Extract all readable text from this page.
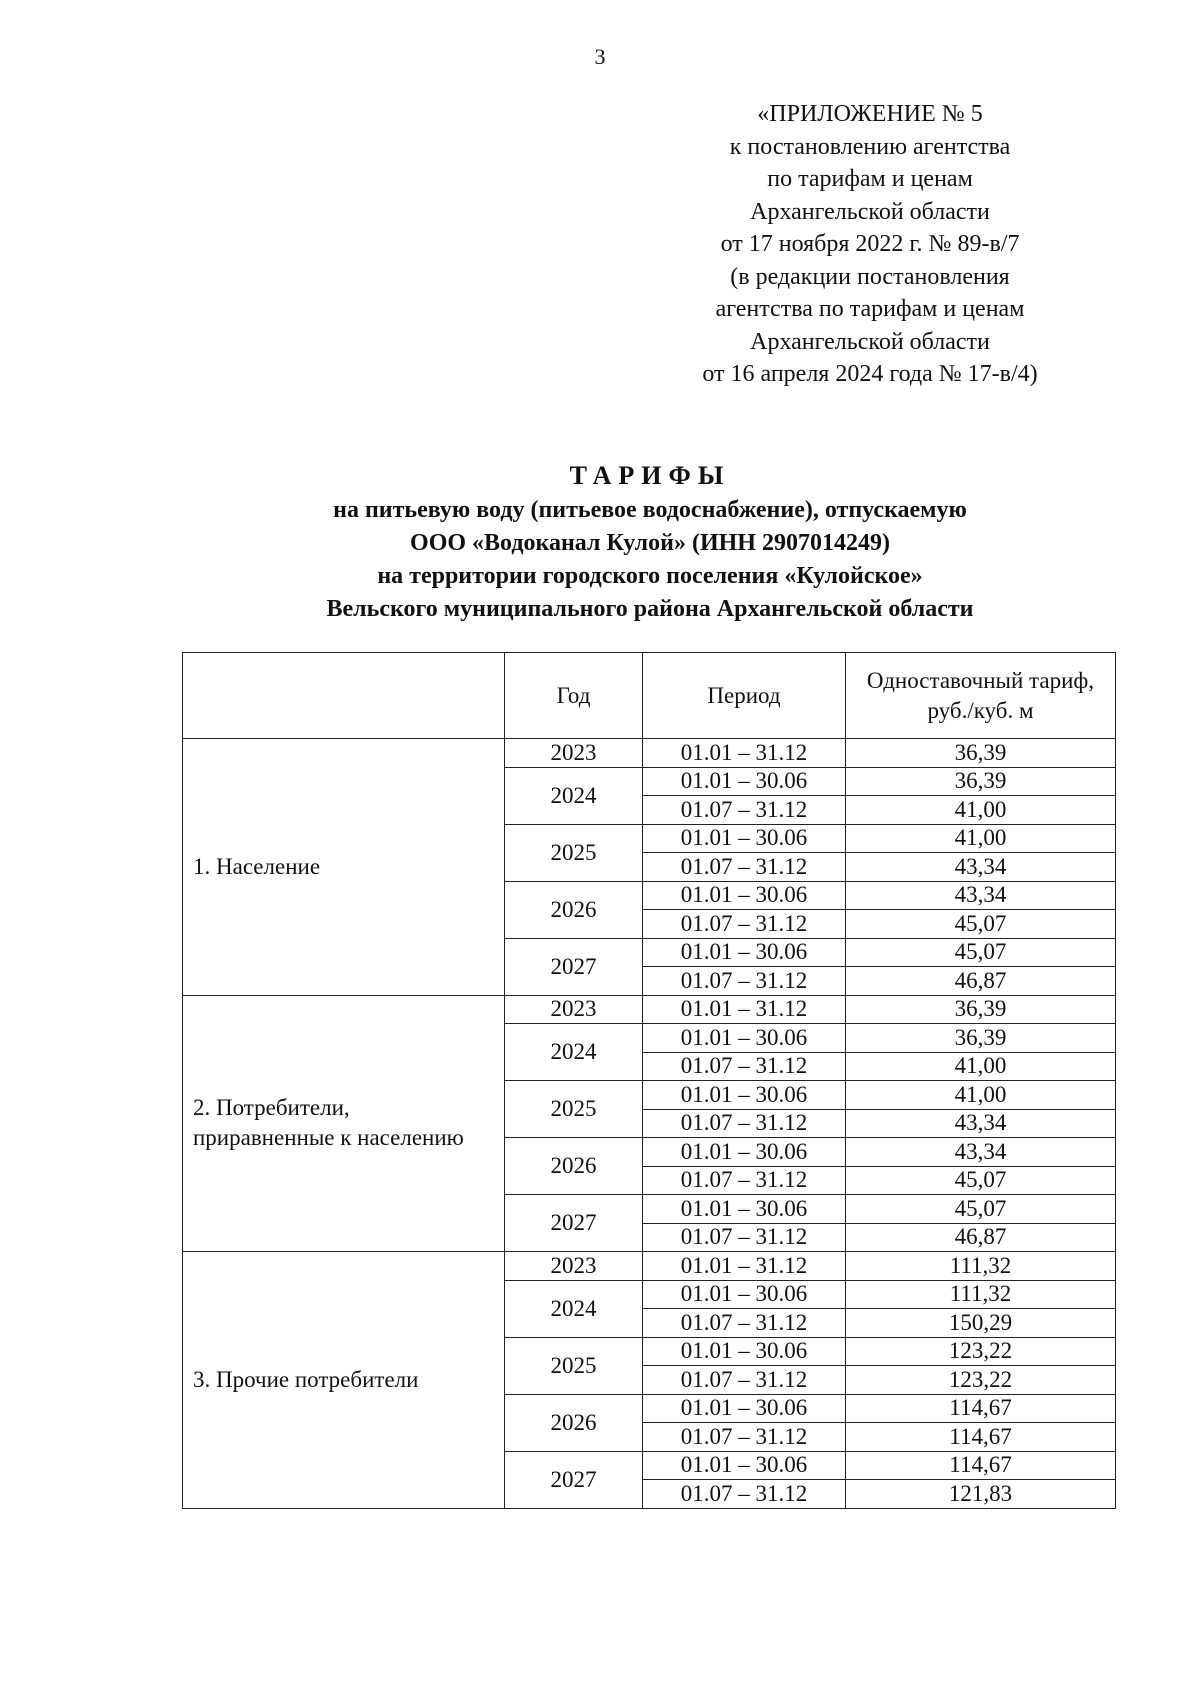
3
«ПРИЛОЖЕНИЕ № 5
к постановлению агентства
по тарифам и ценам
Архангельской области
от 17 ноября 2022 г. № 89-в/7
(в редакции постановления
агентства по тарифам и ценам
Архангельской области
от 16 апреля 2024 года № 17-в/4)
ТАРИФЫ
на питьевую воду (питьевое водоснабжение), отпускаемую
ООО «Водоканал Кулой» (ИНН 2907014249)
на территории городского поселения «Кулойское»
Вельского муниципального района Архангельской области
	Год	Период	Одноставочный тариф, руб./куб. м
1. Население	2023	01.01 – 31.12	36,39
	2024	01.01 – 30.06	36,39
		01.07 – 31.12	41,00
	2025	01.01 – 30.06	41,00
		01.07 – 31.12	43,34
	2026	01.01 – 30.06	43,34
		01.07 – 31.12	45,07
	2027	01.01 – 30.06	45,07
		01.07 – 31.12	46,87
2. Потребители,
приравненные к населению	2023	01.01 – 31.12	36,39
	2024	01.01 – 30.06	36,39
		01.07 – 31.12	41,00
	2025	01.01 – 30.06	41,00
		01.07 – 31.12	43,34
	2026	01.01 – 30.06	43,34
		01.07 – 31.12	45,07
	2027	01.01 – 30.06	45,07
		01.07 – 31.12	46,87
3. Прочие потребители	2023	01.01 – 31.12	111,32
	2024	01.01 – 30.06	111,32
		01.07 – 31.12	150,29
	2025	01.01 – 30.06	123,22
		01.07 – 31.12	123,22
	2026	01.01 – 30.06	114,67
		01.07 – 31.12	114,67
	2027	01.01 – 30.06	114,67
		01.07 – 31.12	121,83
